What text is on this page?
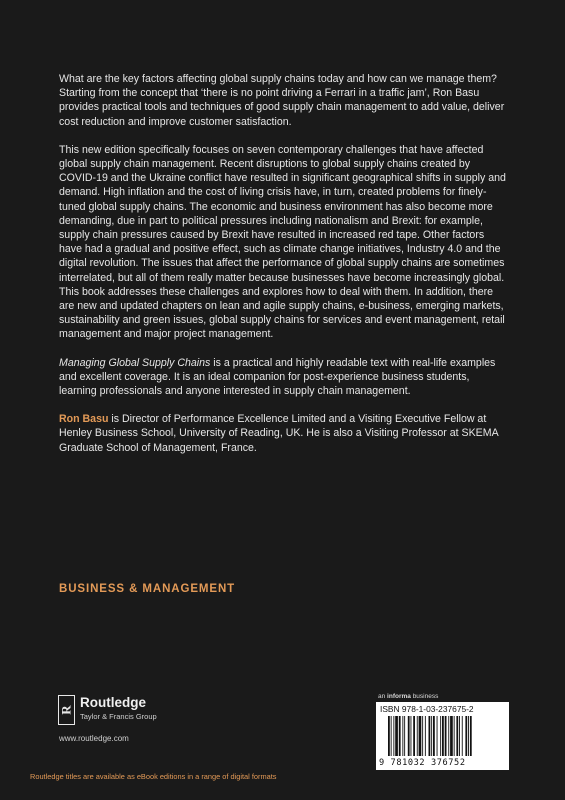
What are the key factors affecting global supply chains today and how can we manage them? Starting from the concept that ‘there is no point driving a Ferrari in a traffic jam’, Ron Basu provides practical tools and techniques of good supply chain management to add value, deliver cost reduction and improve customer satisfaction.

This new edition specifically focuses on seven contemporary challenges that have affected global supply chain management. Recent disruptions to global supply chains created by COVID-19 and the Ukraine conflict have resulted in significant geographical shifts in supply and demand. High inflation and the cost of living crisis have, in turn, created problems for finely-tuned global supply chains. The economic and business environment has also become more demanding, due in part to political pressures including nationalism and Brexit: for example, supply chain pressures caused by Brexit have resulted in increased red tape. Other factors have had a gradual and positive effect, such as climate change initiatives, Industry 4.0 and the digital revolution. The issues that affect the performance of global supply chains are sometimes interrelated, but all of them really matter because businesses have become increasingly global. This book addresses these challenges and explores how to deal with them. In addition, there are new and updated chapters on lean and agile supply chains, e-business, emerging markets, sustainability and green issues, global supply chains for services and event management, retail management and major project management.

Managing Global Supply Chains is a practical and highly readable text with real-life examples and excellent coverage. It is an ideal companion for post-experience business students, learning professionals and anyone interested in supply chain management.

Ron Basu is Director of Performance Excellence Limited and a Visiting Executive Fellow at Henley Business School, University of Reading, UK. He is also a Visiting Professor at SKEMA Graduate School of Management, France.

BUSINESS & MANAGEMENT
R Routledge
Taylor & Francis Group
www.routledge.com
an informa business
ISBN 978-1-03-237675-2
9 781032 376752
Routledge titles are available as eBook editions in a range of digital formats
